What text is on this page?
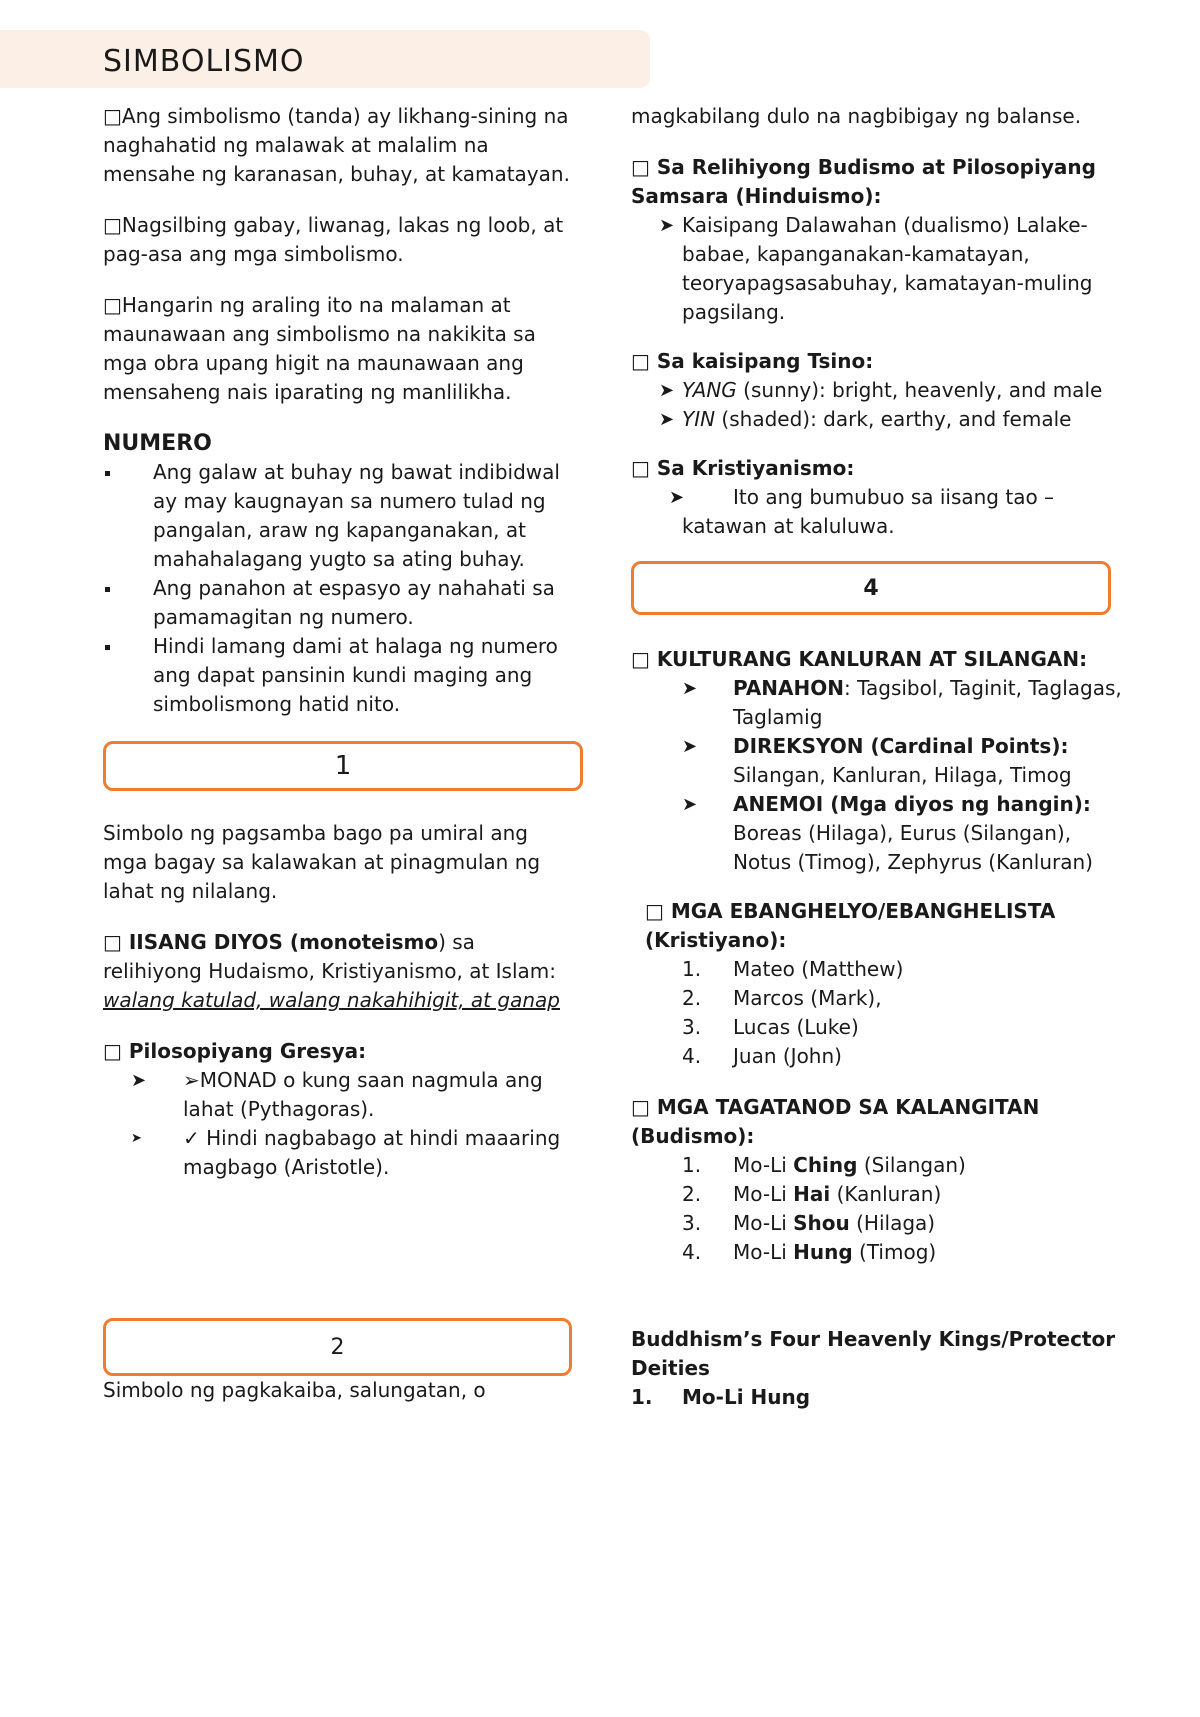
SIMBOLISMO

□Ang simbolismo (tanda) ay likhang-sining na naghahatid ng malawak at malalim na mensahe ng karanasan, buhay, at kamatayan.

□Nagsilbing gabay, liwanag, lakas ng loob, at pag-asa ang mga simbolismo.

□Hangarin ng araling ito na malaman at maunawaan ang simbolismo na nakikita sa mga obra upang higit na maunawaan ang mensaheng nais iparating ng manlilikha.

NUMERO

Ang galaw at buhay ng bawat indibidwal ay may kaugnayan sa numero tulad ng pangalan, araw ng kapanganakan, at mahahalagang yugto sa ating buhay.
Ang panahon at espasyo ay nahahati sa pamamagitan ng numero.
Hindi lamang dami at halaga ng numero ang dapat pansinin kundi maging ang simbolismong hatid nito.
1

Simbolo ng pagsamba bago pa umiral ang mga bagay sa kalawakan at pinagmulan ng lahat ng nilalang.

□ IISANG DIYOS (monoteismo) sa relihiyong Hudaismo, Kristiyanismo, at Islam: walang katulad, walang nakahihigit, at ganap

□ Pilosopiyang Gresya:

➤ ➢MONAD o kung saan nagmula ang lahat (Pythagoras).
➤ ✓ Hindi nagbabago at hindi maaaring magbago (Aristotle).
2

Simbolo ng pagkakaiba, salungatan, o

magkabilang dulo na nagbibigay ng balanse.

□ Sa Relihiyong Budismo at Pilosopiyang Samsara (Hinduismo):

➤ Kaisipang Dalawahan (dualismo) Lalake-babae, kapanganakan-kamatayan, teoryapagsasabuhay, kamatayan-muling pagsilang.

□ Sa kaisipang Tsino:

➤ YANG (sunny): bright, heavenly, and male
➤ YIN (shaded): dark, earthy, and female

□ Sa Kristiyanismo:

➤ Ito ang bumubuo sa iisang tao – katawan at kaluluwa.
4

□ KULTURANG KANLURAN AT SILANGAN:

➤ PANAHON: Tagsibol, Taginit, Taglagas, Taglamig
➤ DIREKSYON (Cardinal Points): Silangan, Kanluran, Hilaga, Timog
➤ ANEMOI (Mga diyos ng hangin): Boreas (Hilaga), Eurus (Silangan), Notus (Timog), Zephyrus (Kanluran)

□ MGA EBANGHELYO/EBANGHELISTA (Kristiyano):

1.	Mateo (Matthew)
2.	Marcos (Mark),
3.	Lucas (Luke)
4.	Juan (John)

□ MGA TAGATANOD SA KALANGITAN (Budismo):

1.	Mo-Li Ching (Silangan)
2.	Mo-Li Hai (Kanluran)
3.	Mo-Li Shou (Hilaga)
4.	Mo-Li Hung (Timog)

Buddhism’s Four Heavenly Kings/Protector Deities

1. Mo-Li Hung
